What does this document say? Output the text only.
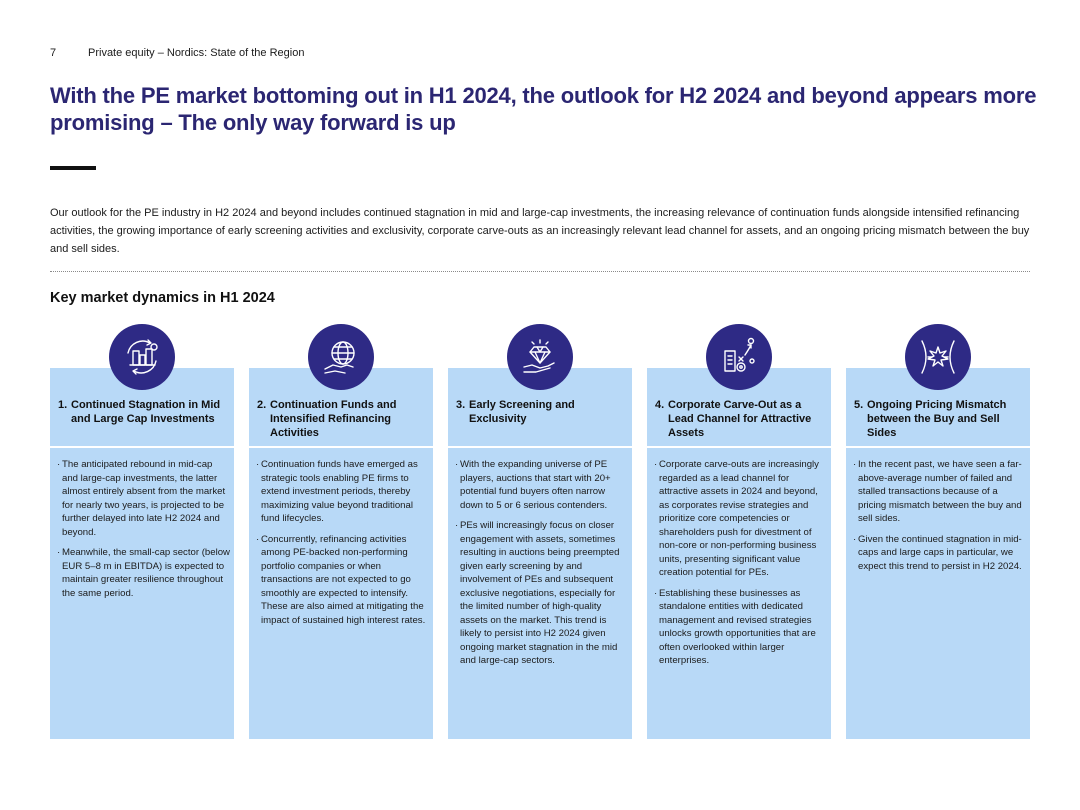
7	Private equity – Nordics: State of the Region
With the PE market bottoming out in H1 2024, the outlook for H2 2024 and beyond appears more promising – The only way forward is up

Our outlook for the PE industry in H2 2024 and beyond includes continued stagnation in mid and large-cap investments, the increasing relevance of continuation funds alongside intensified refinancing activities, the growing importance of early screening activities and exclusivity, corporate carve-outs as an increasingly relevant lead channel for assets, and an ongoing pricing mismatch between the buy and sell sides.

Key market dynamics in H1 2024
1. Continued Stagnation in Mid and Large Cap Investments
· The anticipated rebound in mid-cap and large-cap investments, the latter almost entirely absent from the market for nearly two years, is projected to be further delayed into late H2 2024 and beyond.
· Meanwhile, the small-cap sector (below EUR 5–8 m in EBITDA) is expected to maintain greater resilience throughout the same period.
2. Continuation Funds and Intensified Refinancing Activities
· Continuation funds have emerged as strategic tools enabling PE firms to extend investment periods, thereby maximizing value beyond traditional fund lifecycles.
· Concurrently, refinancing activities among PE-backed non-performing portfolio companies or when transactions are not expected to go smoothly are expected to intensify. These are also aimed at mitigating the impact of sustained high interest rates.
3. Early Screening and Exclusivity
· With the expanding universe of PE players, auctions that start with 20+ potential fund buyers often narrow down to 5 or 6 serious contenders.
· PEs will increasingly focus on closer engagement with assets, sometimes resulting in auctions being preempted given early screening by and involvement of PEs and subsequent exclusive negotiations, especially for the limited number of high-quality assets on the market. This trend is likely to persist into H2 2024 given ongoing market stagnation in the mid and large-cap sectors.
4. Corporate Carve-Out as a Lead Channel for Attractive Assets
· Corporate carve-outs are increasingly regarded as a lead channel for attractive assets in 2024 and beyond, as corporates revise strategies and prioritize core competencies or shareholders push for divestment of non-core or non-performing business units, presenting significant value creation potential for PEs.
· Establishing these businesses as standalone entities with dedicated management and revised strategies unlocks growth opportunities that are often overlooked within larger enterprises.
5. Ongoing Pricing Mismatch between the Buy and Sell Sides
· In the recent past, we have seen a far-above-average number of failed and stalled transactions because of a pricing mismatch between the buy and sell sides.
· Given the continued stagnation in mid-caps and large caps in particular, we expect this trend to persist in H2 2024.
